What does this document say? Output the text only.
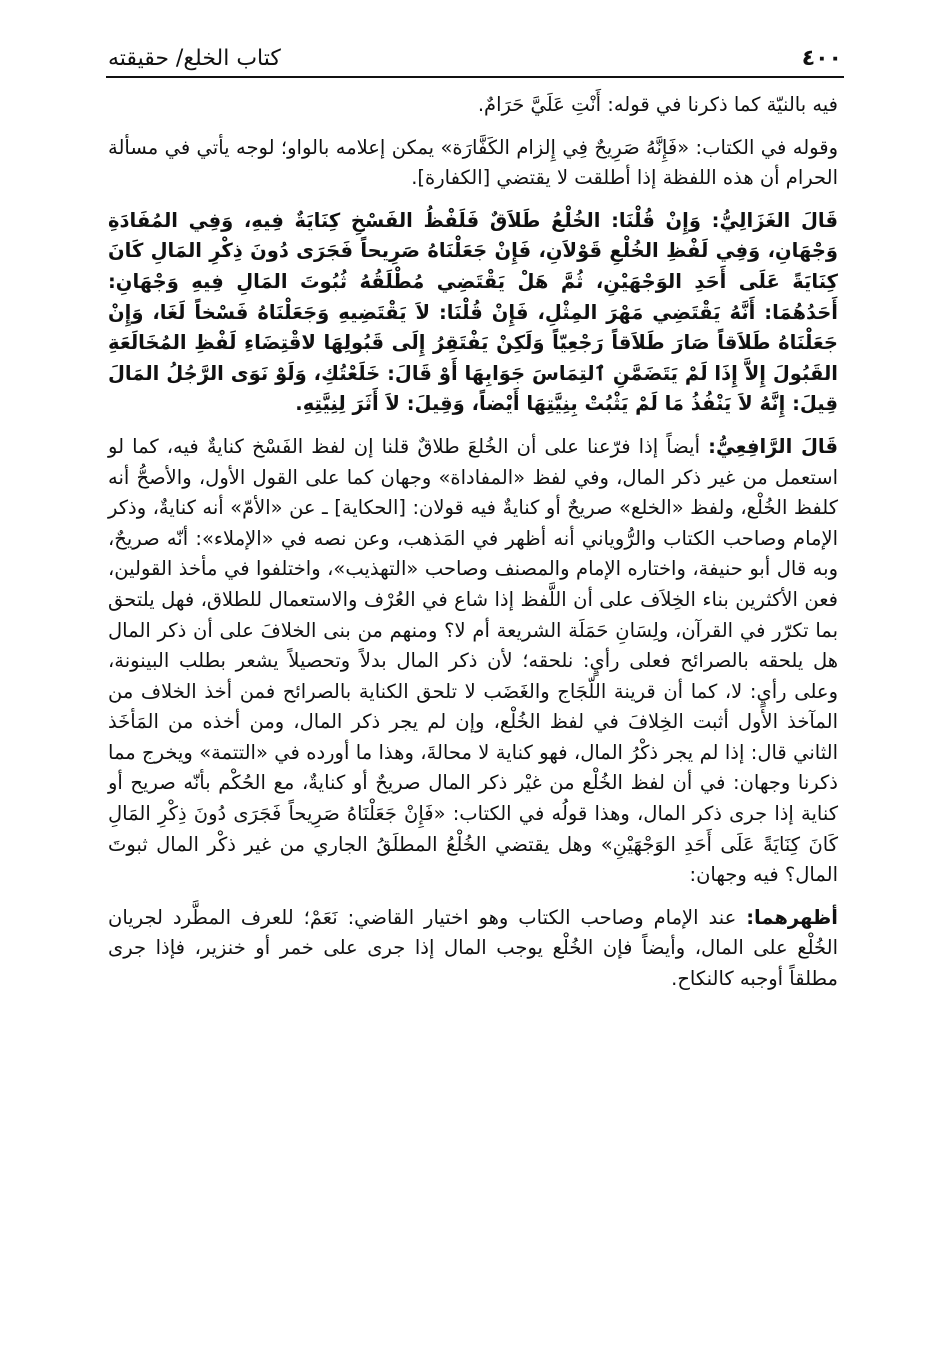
٤٠٠
كتاب الخلع/ حقيقته

فيه بالنيّة كما ذكرنا في قوله: أَنْتِ عَلَيَّ حَرَامٌ.

وقوله في الكتاب: «فَإِنَّهُ صَرِيحٌ فِي إِلزام الكَفَّارَة» يمكن إعلامه بالواو؛ لوجه يأتي في مسألة الحرام أن هذه اللفظة إذا أطلقت لا يقتضي [الكفارة].

قَالَ الغَزَالِيُّ: وَإِنْ قُلْنَا: الخُلْعُ طَلاَقٌ فَلَفْظُ الفَسْخِ كِنَايَةٌ فِيهِ، وَفِي المُفَادَةِ وَجْهَانِ، وَفِي لَفْظِ الخُلْعِ قَوْلاَنِ، فَإِنْ جَعَلْنَاهُ صَرِيحاً فَجَرَى دُونَ ذِكْرِ المَالِ كَانَ كِنَايَةً عَلَى أَحَدِ الوَجْهَيْنِ، ثُمَّ هَلْ يَقْتَضِي مُطْلَقُهُ ثُبُوتَ المَالِ فِيهِ وَجْهَانِ: أَحَدُهُمَا: أَنَّهُ يَقْتَضِي مَهْرَ المِثْلِ، فَإِنْ قُلْنَا: لاَ يَقْتَضِيهِ وَجَعَلْنَاهُ فَسْخاً لَغَا، وَإِنْ جَعَلْنَاهُ طَلاَقاً صَارَ طَلاَقاً رَجْعِيّاً وَلَكِنْ يَفْتَقِرُ إِلَى قَبُولِهَا لاقْتِضَاءِ لَفْظِ المُخَالَعَةِ القَبُولَ إِلاَّ إِذَا لَمْ يَتَضَمَّنِ ٱلتِمَاسَ جَوَابِهَا أَوْ قَالَ: خَلَعْتُكِ، وَلَوْ نَوَى الرَّجُلُ المَالَ قِيلَ: إِنَّهُ لاَ يَنْفُذُ مَا لَمْ يَثْبُتْ بِنِيَّتِهَا أَيْضاً، وَقِيلَ: لاَ أَثَرَ لِنِيَّتِهِ.

قَالَ الرَّافِعِيُّ: أيضاً إذا فرّعنا على أن الخُلعَ طلاقٌ قلنا إن لفظ الفَسْخ كنايةٌ فيه، كما لو استعمل من غير ذكر المال، وفي لفظ «المفاداة» وجهان كما على القول الأول، والأصحُّ أنه كلفظ الخُلْع، ولفظ «الخلع» صريحٌ أو كنايةٌ فيه قولان: [الحكاية] ـ عن «الأمّ» أنه كنايةٌ، وذكر الإمام وصاحب الكتاب والرُّوياني أنه أظهر في المَذهب، وعن نصه في «الإملاء»: أنّه صريحٌ، وبه قال أبو حنيفة، واختاره الإمام والمصنف وصاحب «التهذيب»، واختلفوا في مأخذ القولين، فعن الأكثرين بناء الخِلاَف على أن اللَّفظ إذا شاع في العُرْف والاستعمال للطلاق، فهل يلتحق بما تكرّر في القرآن، ولِسَانِ حَمَلَة الشريعة أم لا؟ ومنهم من بنى الخلافَ على أن ذكر المال هل يلحقه بالصرائح فعلى رأيٍ: نلحقه؛ لأن ذكر المال بدلاً وتحصيلاً يشعر بطلب البينونة، وعلى رأيٍ: لا، كما أن قرينة اللّجَاج والغَضَب لا تلحق الكناية بالصرائح فمن أخذ الخلاف من المآخذ الأول أثبت الخِلافَ في لفظ الخُلْع، وإن لم يجر ذكر المال، ومن أخذه من المَأخَذ الثاني قال: إذا لم يجر ذكْرُ المال، فهو كناية لا محالةَ، وهذا ما أورده في «التتمة» ويخرج مما ذكرنا وجهان: في أن لفظ الخُلْع من غيْر ذكر المال صريحٌ أو كنايةٌ، مع الحُكْم بأنّه صريح أو كناية إذا جرى ذكر المال، وهذا قولُه في الكتاب: «فَإِنْ جَعَلْنَاهُ صَرِيحاً فَجَرَى دُونَ ذِكْرِ المَالِ كَانَ كِنَايَةً عَلَى أَحَدِ الوَجْهَيْنِ» وهل يقتضي الخُلْعُ المطلَقُ الجاري من غير ذكْر المال ثبوتَ المال؟ فيه وجهان:

أظهرهما: عند الإمام وصاحب الكتاب وهو اختيار القاضي: نَعَمْ؛ للعرف المطَّرد لجريان الخُلْع على المال، وأيضاً فإن الخُلْع يوجب المال إذا جرى على خمر أو خنزير، فإذا جرى مطلقاً أوجبه كالنكاح.
